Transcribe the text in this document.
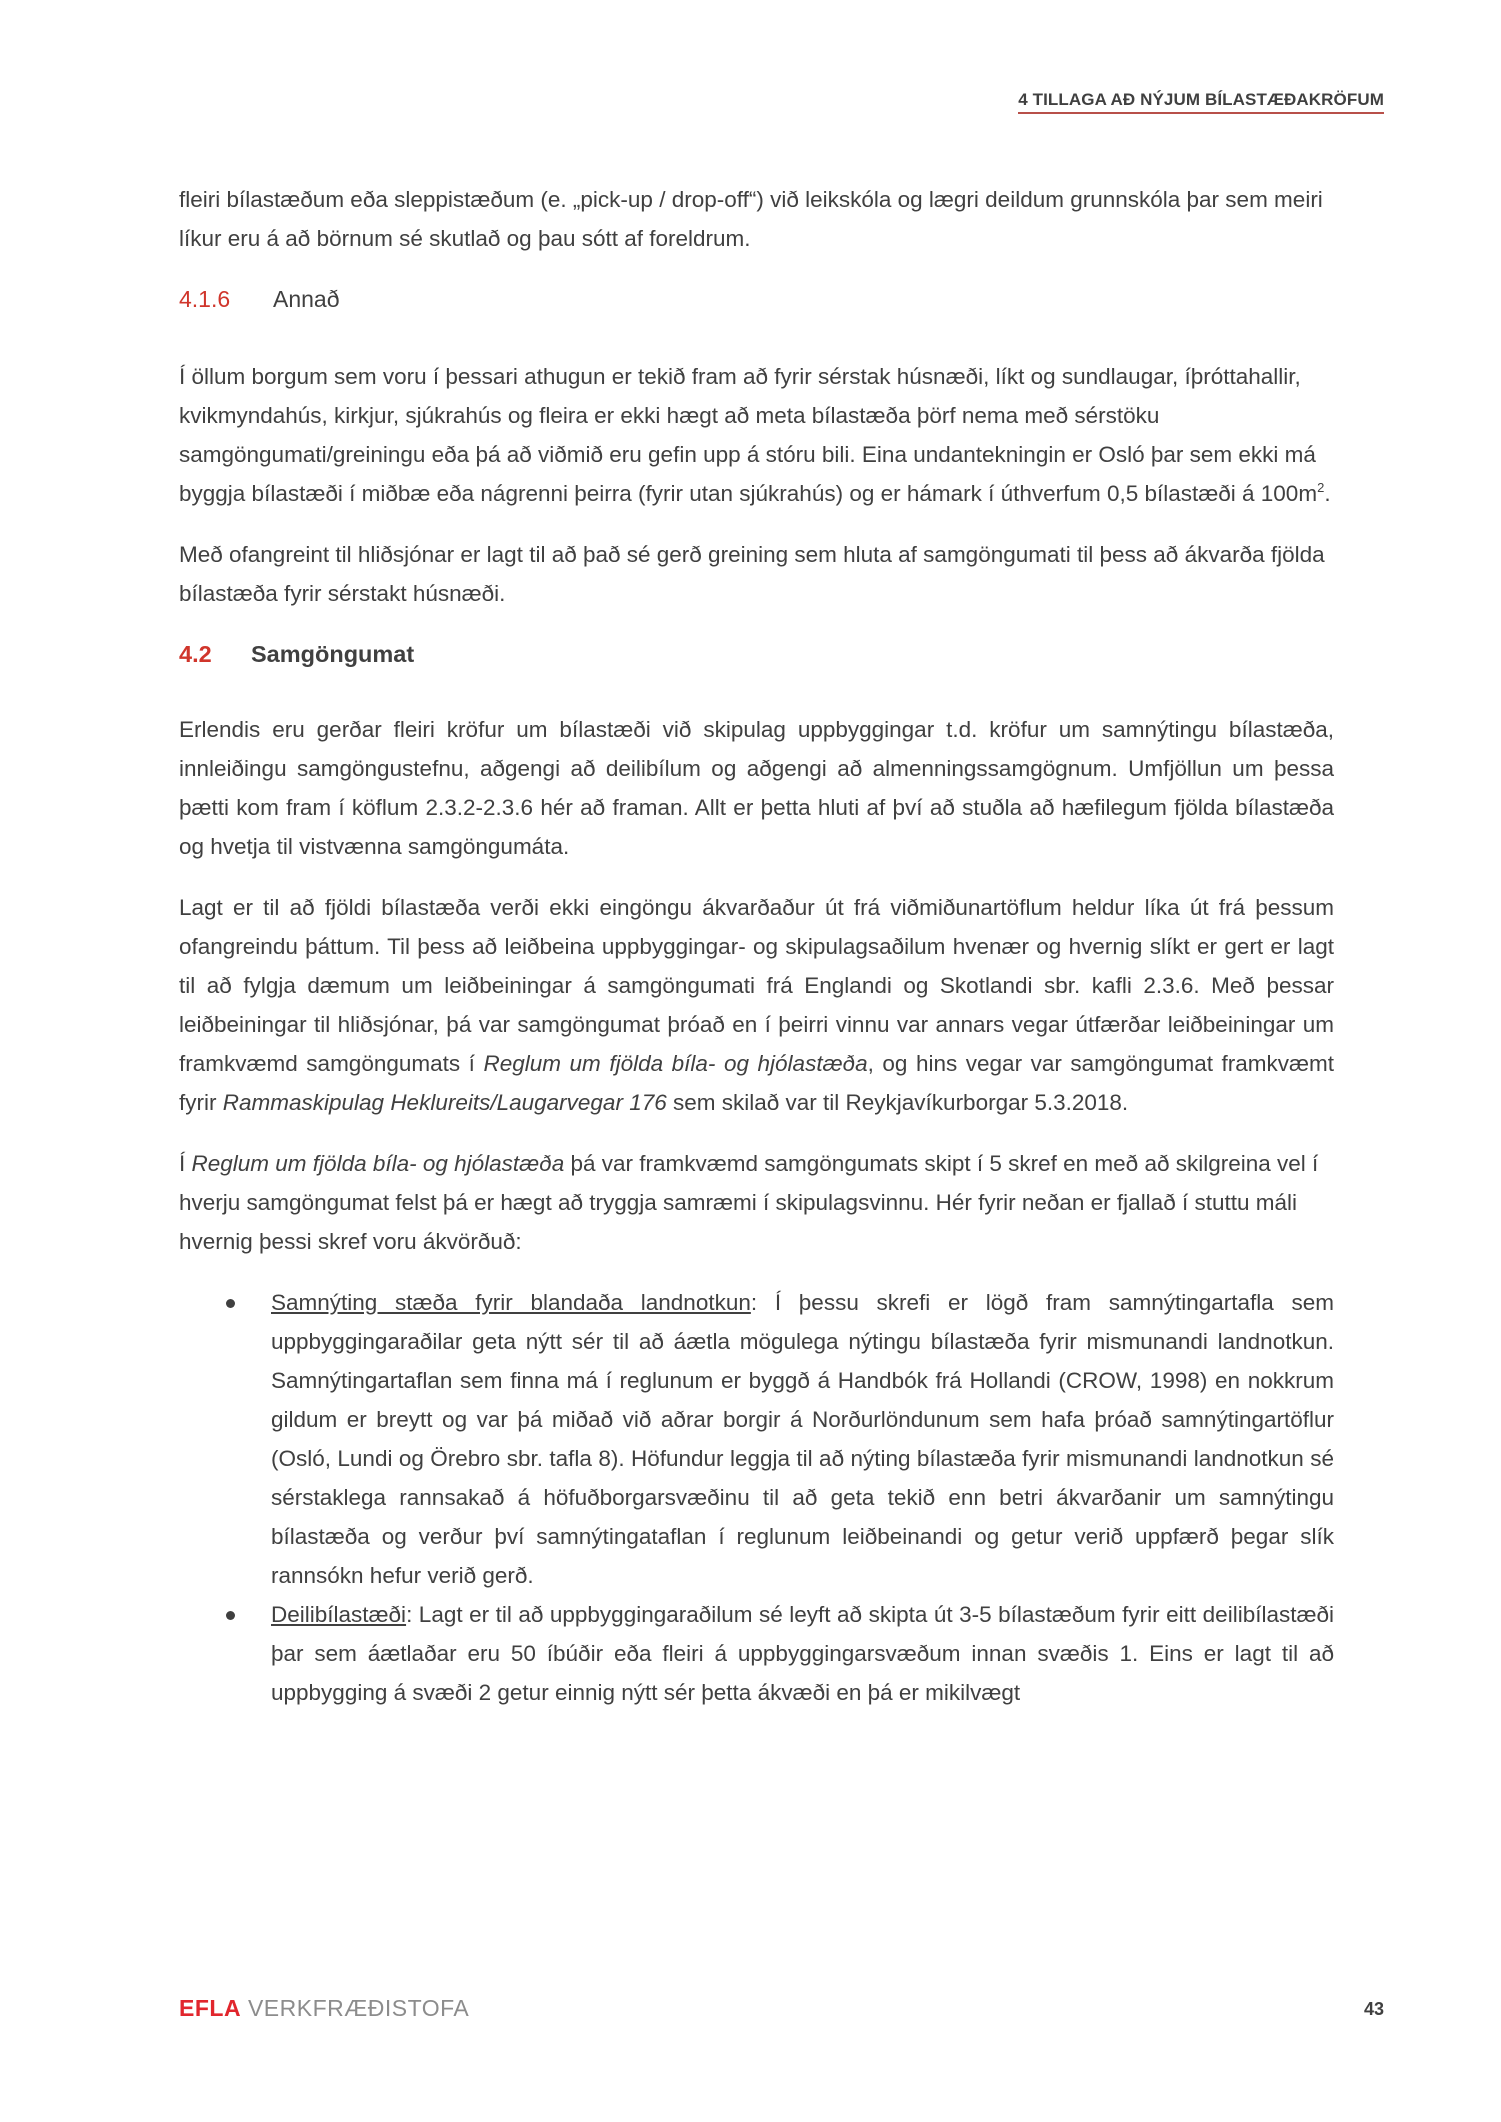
4 TILLAGA AÐ NÝJUM BÍLASTÆÐAKRÖFUM

fleiri bílastæðum eða sleppistæðum (e. „pick-up / drop-off“) við leikskóla og lægri deildum grunnskóla þar sem meiri líkur eru á að börnum sé skutlað og þau sótt af foreldrum.

4.1.6	Annað

Í öllum borgum sem voru í þessari athugun er tekið fram að fyrir sérstak húsnæði, líkt og sundlaugar, íþróttahallir, kvikmyndahús, kirkjur, sjúkrahús og fleira er ekki hægt að meta bílastæða þörf nema með sérstöku samgöngumati/greiningu eða þá að viðmið eru gefin upp á stóru bili. Eina undantekningin er Osló þar sem ekki má byggja bílastæði í miðbæ eða nágrenni þeirra (fyrir utan sjúkrahús) og er hámark í úthverfum 0,5 bílastæði á $100m^2$.

Með ofangreint til hliðsjónar er lagt til að það sé gerð greining sem hluta af samgöngumati til þess að ákvarða fjölda bílastæða fyrir sérstakt húsnæði.

4.2	Samgöngumat

Erlendis eru gerðar fleiri kröfur um bílastæði við skipulag uppbyggingar t.d. kröfur um samnýtingu bílastæða, innleiðingu samgöngustefnu, aðgengi að deilibílum og aðgengi að almenningssamgögnum. Umfjöllun um þessa þætti kom fram í köflum 2.3.2-2.3.6 hér að framan. Allt er þetta hluti af því að stuðla að hæfilegum fjölda bílastæða og hvetja til vistvænna samgöngumáta.

Lagt er til að fjöldi bílastæða verði ekki eingöngu ákvarðaður út frá viðmiðunartöflum heldur líka út frá þessum ofangreindu þáttum. Til þess að leiðbeina uppbyggingar- og skipulagsaðilum hvenær og hvernig slíkt er gert er lagt til að fylgja dæmum um leiðbeiningar á samgöngumati frá Englandi og Skotlandi sbr. kafli 2.3.6. Með þessar leiðbeiningar til hliðsjónar, þá var samgöngumat þróað en í þeirri vinnu var annars vegar útfærðar leiðbeiningar um framkvæmd samgöngumats í Reglum um fjölda bíla- og hjólastæða, og hins vegar var samgöngumat framkvæmt fyrir Rammaskipulag Heklureits/Laugarvegar 176 sem skilað var til Reykjavíkurborgar 5.3.2018.

Í Reglum um fjölda bíla- og hjólastæða þá var framkvæmd samgöngumats skipt í 5 skref en með að skilgreina vel í hverju samgöngumat felst þá er hægt að tryggja samræmi í skipulagsvinnu. Hér fyrir neðan er fjallað í stuttu máli hvernig þessi skref voru ákvörðuð:

Samnýting stæða fyrir blandaða landnotkun: Í þessu skrefi er lögð fram samnýtingartafla sem uppbyggingaraðilar geta nýtt sér til að áætla mögulega nýtingu bílastæða fyrir mismunandi landnotkun. Samnýtingartaflan sem finna má í reglunum er byggð á Handbók frá Hollandi (CROW, 1998) en nokkrum gildum er breytt og var þá miðað við aðrar borgir á Norðurlöndunum sem hafa þróað samnýtingartöflur (Osló, Lundi og Örebro sbr. tafla 8). Höfundur leggja til að nýting bílastæða fyrir mismunandi landnotkun sé sérstaklega rannsakað á höfuðborgarsvæðinu til að geta tekið enn betri ákvarðanir um samnýtingu bílastæða og verður því samnýtingataflan í reglunum leiðbeinandi og getur verið uppfærð þegar slík rannsókn hefur verið gerð.
Deilibílastæði: Lagt er til að uppbyggingaraðilum sé leyft að skipta út 3-5 bílastæðum fyrir eitt deilibílastæði þar sem áætlaðar eru 50 íbúðir eða fleiri á uppbyggingarsvæðum innan svæðis 1. Eins er lagt til að uppbygging á svæði 2 getur einnig nýtt sér þetta ákvæði en þá er mikilvægt
EFLA VERKFRÆÐISTOFA	43
